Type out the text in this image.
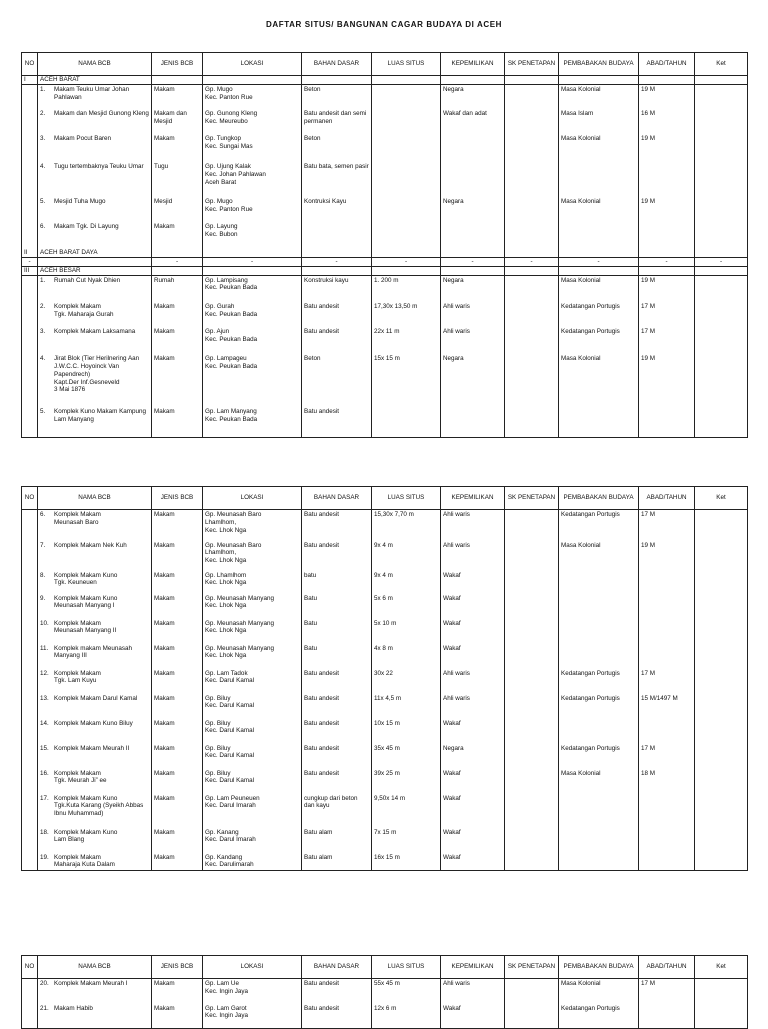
DAFTAR SITUS/ BANGUNAN CAGAR BUDAYA DI ACEH
NO	NAMA BCB	JENIS BCB	LOKASI	BAHAN DASAR	LUAS SITUS	KEPEMILIKAN	SK PENETAPAN	PEMBABAKAN BUDAYA	ABAD/TAHUN	Ket
I	ACEH BARAT									

	1. Makam Teuku Umar Johan Pahlawan	Makam	Gp. Mugo
Kec. Panton Rue	Beton		Negara		Masa Kolonial	19 M	

	2. Makam dan Mesjid Gunong Kleng	Makam dan Mesjid	Gp. Gunong Kleng
Kec. Meureubo	Batu andesit dan semi permanen		Wakaf dan adat		Masa Islam	16 M	

	3. Makam Pocut Baren	Makam	Gp. Tungkop
Kec. Sungai Mas	Beton				Masa Kolonial	19 M	

	4. Tugu tertembaknya Teuku Umar	Tugu	Gp. Ujung Kalak
Kec. Johan Pahlawan
Aceh Barat	Batu bata, semen pasir						

	5. Mesjid Tuha Mugo	Mesjid	Gp. Mugo
Kec. Panton Rue	Kontruksi Kayu		Negara		Masa Kolonial	19 M	

	6. Makam Tgk. Di Layung	Makam	Gp. Layung
Kec. Bubon							
II	ACEH BARAT DAYA									
-		-	-	-	-	-	-	-	-	-
III	ACEH BESAR									

	1. Rumah Cut Nyak Dhien	Rumah	Gp. Lampisang
Kec. Peukan Bada	Konstruksi kayu	1. 200 m	Negara		Masa Kolonial	19 M	

	2. Komplek Makam
Tgk. Maharaja Gurah	Makam	Gp. Gurah
Kec. Peukan Bada	Batu andesit	17,30x 13,50 m	Ahli waris		Kedatangan Portugis	17 M	

	3. Komplek Makam Laksamana	Makam	Gp. Ajun
Kec. Peukan Bada	Batu andesit	22x 11 m	Ahli waris		Kedatangan Portugis	17 M	

	4. Jirat Blok (Tier Herilnering Aan J.W.C.C. Hoyoinck Van Papendrech)
Kapt.Der Inf.Gesneveld
3 Mai 1876	Makam	Gp. Lampageu
Kec. Peukan Bada	Beton	15x 15 m	Negara		Masa Kolonial	19 M	

	5. Komplek Kuno Makam Kampung Lam Manyang	Makam	Gp. Lam Manyang
Kec. Peukan Bada	Batu andesit						
NO	NAMA BCB	JENIS BCB	LOKASI	BAHAN DASAR	LUAS SITUS	KEPEMILIKAN	SK PENETAPAN	PEMBABAKAN BUDAYA	ABAD/TAHUN	Ket

	6. Komplek Makam
Meunasah Baro	Makam	Gp. Meunasah Baro
Lhamlhom,
Kec. Lhok Nga	Batu andesit	15,30x 7,70 m	Ahli waris		Kedatangan Portugis	17 M	

	7. Komplek Makam Nek Kuh	Makam	Gp. Meunasah Baro
Lhamlhom,
Kec. Lhok Nga	Batu andesit	9x 4 m	Ahli waris		Masa Kolonial	19 M	

	8. Komplek Makam Kuno
Tgk. Keuneuen	Makam	Gp. Lhamlhom
Kec. Lhok Nga	batu	9x 4 m	Wakaf				

	9. Komplek Makam Kuno
Meunasah Manyang I	Makam	Gp. Meunasah Manyang
Kec. Lhok Nga	Batu	5x 6 m	Wakaf				

	10. Komplek Makam
Meunasah Manyang II	Makam	Gp. Meunasah Manyang
Kec. Lhok Nga	Batu	5x 10 m	Wakaf				

	11. Komplek makam Meunasah Manyang III	Makam	Gp. Meunasah Manyang
Kec. Lhok Nga	Batu	4x 8 m	Wakaf				

	12. Komplek Makam
Tgk. Lam Kuyu	Makam	Gp. Lam Tadok
Kec. Darul Kamal	Batu andesit	30x 22	Ahli waris		Kedatangan Portugis	17 M	

	13. Komplek Makam Darul Kamal	Makam	Gp. Biluy
Kec. Darul Kamal	Batu andesit	11x 4,5 m	Ahli waris		Kedatangan Portugis	15 M/1497 M	

	14. Komplek Makam Kuno Biluy	Makam	Gp. Biluy
Kec. Darul Kamal	Batu andesit	10x 15 m	Wakaf				

	15. Komplek Makam Meurah II	Makam	Gp. Biluy
Kec. Darul Kamal	Batu andesit	35x 45 m	Negara		Kedatangan Portugis	17 M	

	16. Komplek Makam
Tgk. Meurah Ji” ee	Makam	Gp. Biluy
Kec. Darul Kamal	Batu andesit	39x 25 m	Wakaf		Masa Kolonial	18 M	

	17. Komplek Makam Kuno
Tgk.Kuta Karang (Syeikh Abbas Ibnu Muhammad)	Makam	Gp. Lam Peuneuen
Kec. Darul Imarah	cungkup dari beton dan kayu	9,50x 14 m	Wakaf				

	18. Komplek Makam Kuno
Lam Blang	Makam	Gp. Kanang
Kec. Darul Imarah	Batu alam	7x 15 m	Wakaf				

	19. Komplek Makam
Maharaja Kuta Dalam	Makam	Gp. Kandang
Kec. Darulimarah	Batu alam	16x 15 m	Wakaf				
NO	NAMA BCB	JENIS BCB	LOKASI	BAHAN DASAR	LUAS SITUS	KEPEMILIKAN	SK PENETAPAN	PEMBABAKAN BUDAYA	ABAD/TAHUN	Ket

	20. Komplek Makam Meurah I	Makam	Gp. Lam Ue
Kec. Ingin Jaya	Batu andesit	55x 45 m	Ahli waris		Masa Kolonial	17 M	

	21. Makam Habib	Makam	Gp. Lam Garot
Kec. Ingin Jaya	Batu andesit	12x 6 m	Wakaf		Kedatangan Portugis		
